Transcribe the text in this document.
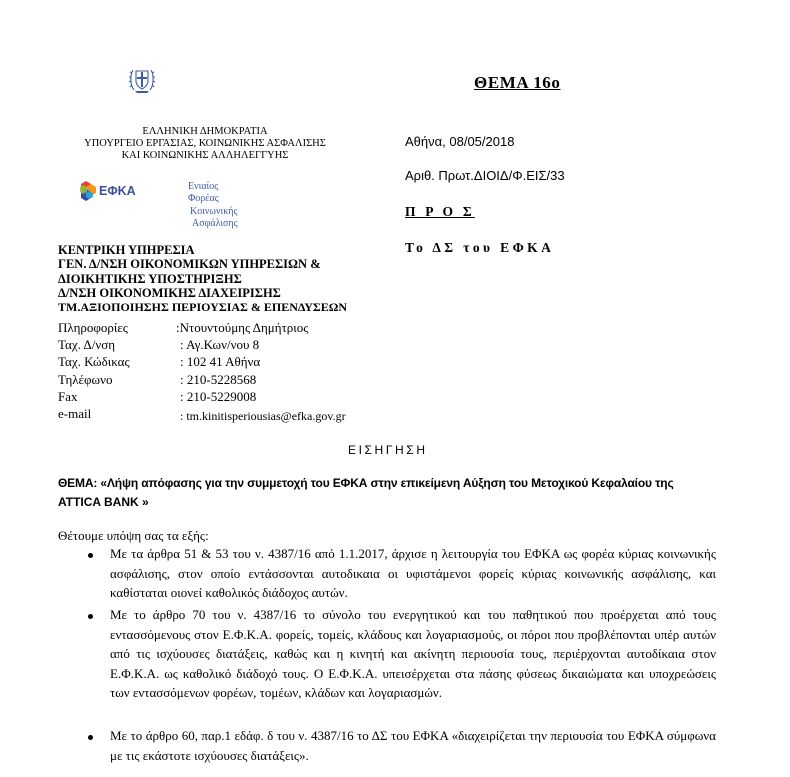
ΕΛΛΗΝΙΚΗ ΔΗΜΟΚΡΑΤΙΑ
ΥΠΟΥΡΓΕΙΟ ΕΡΓΑΣΙΑΣ, ΚΟΙΝΩΝΙΚΗΣ ΑΣΦΑΛΙΣΗΣ
ΚΑΙ ΚΟΙΝΩΝΙΚΗΣ ΑΛΛΗΛΕΓΓΥΗΣ
ΕΦΚΑ	Ενιαίος
Φορέας
Κοινωνικής
Ασφάλισης
ΘΕΜΑ 16ο
Αθήνα, 08/05/2018
Αριθ. Πρωτ.ΔΙΟΙΔ/Φ.ΕΙΣ/33
Π Ρ Ο Σ
Το ΔΣ του ΕΦΚΑ
ΚΕΝΤΡΙΚΗ ΥΠΗΡΕΣΙΑ
ΓΕΝ. Δ/ΝΣΗ ΟΙΚΟΝΟΜΙΚΩΝ ΥΠΗΡΕΣΙΩΝ &
ΔΙΟΙΚΗΤΙΚΗΣ ΥΠΟΣΤΗΡΙΞΗΣ
Δ/ΝΣΗ ΟΙΚΟΝΟΜΙΚΗΣ ΔΙΑΧΕΙΡΙΣΗΣ
ΤΜ.ΑΞΙΟΠΟΙΗΣΗΣ ΠΕΡΙΟΥΣΙΑΣ & ΕΠΕΝΔΥΣΕΩΝ
Πληροφορίες	:Ντουντούμης Δημήτριος
Ταχ. Δ/νση	: Αγ.Κων/νου 8
Ταχ. Κώδικας	: 102 41 Αθήνα
Τηλέφωνο	: 210-5228568
Fax	: 210-5229008
e-mail	: tm.kinitisperiousias@efka.gov.gr
ΕΙΣΗΓΗΣΗ
ΘΕΜΑ: «Λήψη απόφασης για την συμμετοχή του ΕΦΚΑ στην επικείμενη Αύξηση του Μετοχικού Κεφαλαίου της
ATTICA BANK »
Θέτουμε υπόψη σας τα εξής:
Με τα άρθρα 51 & 53 του ν. 4387/16 από 1.1.2017, άρχισε η λειτουργία του ΕΦΚΑ ως φορέα κύριας κοινωνικής ασφάλισης, στον οποίο εντάσσονται αυτοδικαια οι υφιστάμενοι φορείς κύριας κοινωνικής ασφάλισης, και καθίσταται οιονεί καθολικός διάδοχος αυτών.
Με το άρθρο 70 του ν. 4387/16 το σύνολο του ενεργητικού και του παθητικού που προέρχεται από τους εντασσόμενους στον Ε.Φ.Κ.Α. φορείς, τομείς, κλάδους και λογαριασμούς, οι πόροι που προβλέπονται υπέρ αυτών από τις ισχύουσες διατάξεις, καθώς και η κινητή και ακίνητη περιουσία τους, περιέρχονται αυτοδίκαια στον Ε.Φ.Κ.Α. ως καθολικό διάδοχό τους. Ο Ε.Φ.Κ.Α. υπεισέρχεται στα πάσης φύσεως δικαιώματα και υποχρεώσεις των εντασσόμενων φορέων, τομέων, κλάδων και λογαριασμών.
Με το άρθρο 60, παρ.1 εδάφ. δ του ν. 4387/16 το ΔΣ του ΕΦΚΑ «διαχειρίζεται την περιουσία του ΕΦΚΑ σύμφωνα με τις εκάστοτε ισχύουσες διατάξεις».
